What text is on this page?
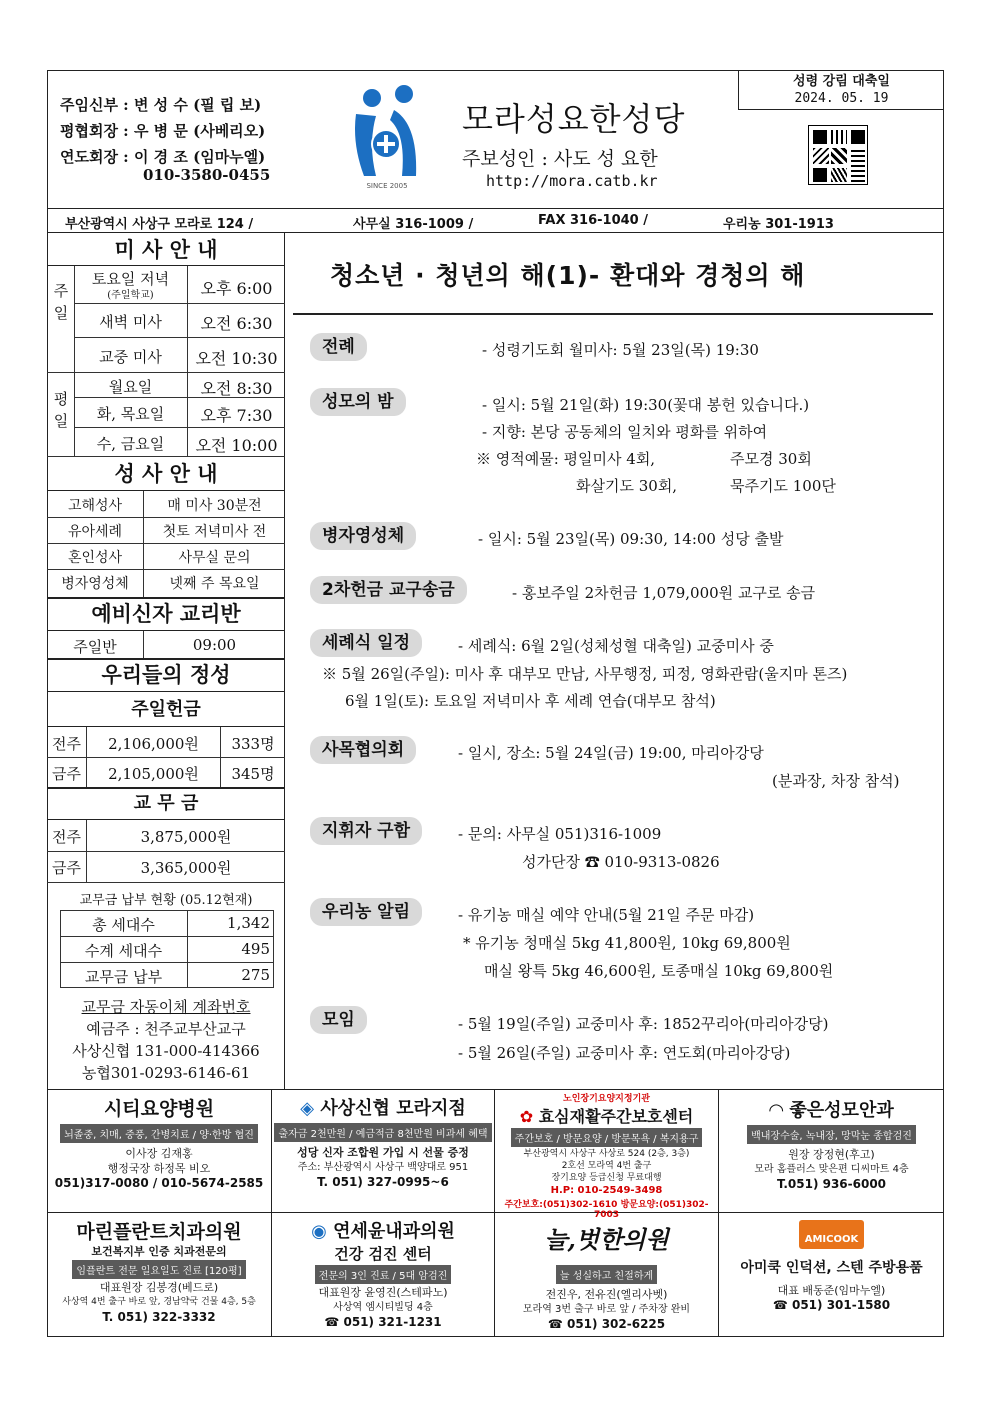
주임신부 : 변 성 수 (필 립 보)
평협회장 : 우 병 문 (사베리오)
연도회장 : 이 경 조 (임마누엘)
010-3580-0455
SINCE 2005
모라성요한성당
주보성인 : 사도 성 요한
http://mora.catb.kr
성령 강림 대축일
2024. 05. 19
부산광역시 사상구 모라로 124 /	사무실 316-1009 /	FAX 316-1040 /	우리농 301-1913
미 사 안 내
주일
토요일 저녁
(주일학교)	오후 6:00
새벽 미사	오전 6:30
교중 미사	오전 10:30
평일
월요일	오전 8:30
화, 목요일	오후 7:30
수, 금요일	오전 10:00
성 사 안 내
고해성사	매 미사 30분전
유아세례	첫토 저녁미사 전
혼인성사	사무실 문의
병자영성체	넷째 주 목요일
예비신자 교리반
주일반	09:00
우리들의 정성
주일헌금
전주	2,106,000원	333명
금주	2,105,000원	345명
교 무 금
전주	3,875,000원
금주	3,365,000원
교무금 납부 현황 (05.12현재)
총 세대수	1,342
수계 세대수	495
교무금 납부	275
교무금 자동이체 계좌번호
예금주 : 천주교부산교구
사상신협 131-000-414366
농협301-0293-6146-61
청소년 · 청년의 해(1)- 환대와 경청의 해
전례	- 성령기도회 월미사: 5월 23일(목) 19:30
성모의 밤	- 일시: 5월 21일(화) 19:30(꽃대 봉헌 있습니다.)
- 지향: 본당 공동체의 일치와 평화를 위하여
※ 영적예물: 평일미사 4회,	주모경 30회
화살기도 30회,	묵주기도 100단
병자영성체	- 일시: 5월 23일(목) 09:30, 14:00 성당 출발
2차헌금 교구송금	- 홍보주일 2차헌금 1,079,000원 교구로 송금
세례식 일정	- 세례식: 6월 2일(성체성혈 대축일) 교중미사 중
※ 5월 26일(주일): 미사 후 대부모 만남, 사무행정, 피정, 영화관람(울지마 톤즈)
6월 1일(토): 토요일 저녁미사 후 세례 연습(대부모 참석)
사목협의회	- 일시, 장소: 5월 24일(금) 19:00, 마리아강당
(분과장, 차장 참석)
지휘자 구함	- 문의: 사무실 051)316-1009
성가단장 ☎ 010-9313-0826
우리농 알림	- 유기농 매실 예약 안내(5월 21일 주문 마감)
* 유기농 청매실 5kg 41,800원, 10kg 69,800원
매실 왕특 5kg 46,600원, 토종매실 10kg 69,800원
모임	- 5월 19일(주일) 교중미사 후: 1852꾸리아(마리아강당)
- 5월 26일(주일) 교중미사 후: 연도회(마리아강당)
시티요양병원
뇌졸중, 치매, 중풍, 간병치료 / 양·한방 협진
이사장 김재홍
행정국장 하정목 비오
051)317-0080 / 010-5674-2585
◈ 사상신협 모라지점
출자금 2천만원 / 예금적금 8천만원 비과세 혜택
성당 신자 조합원 가입 시 선물 증정
주소: 부산광역시 사상구 백양대로 951
T. 051) 327-0995~6
노인장기요양지정기관
✿ 효심재활주간보호센터
주간보호 / 방문요양 / 방문목욕 / 복지용구
부산광역시 사상구 사상로 524 (2층, 3층)
2호선 모라역 4번 출구
장기요양 등급신청 무료대행
H.P: 010-2549-3498
주간보호:(051)302-1610 방문요양:(051)302-7003
◠ 좋은성모안과
백내장수술, 녹내장, 망막눈 종합검진
원장 장정현(후고)
모라 홈플러스 맞은편 디씨마트 4층
T.051) 936-6000
마린플란트치과의원
보건복지부 인증 치과전문의
임플란트 전문 일요일도 진료 [120평]
대표원장 김봉경(베드로)
사상역 4번 출구 바로 앞, 경남약국 건물 4층, 5층
T. 051) 322-3332
◉ 연세윤내과의원
건강 검진 센터
전문의 3인 진료 / 5대 암검진
대표원장 윤영진(스테파노)
사상역 엠시티빌딩 4층
☎ 051) 321-1231
늘,벗한의원
늘 성실하고 친절하게
전진우, 전유진(엘리사벳)
모라역 3번 출구 바로 앞 / 주차장 완비
☎ 051) 302-6225
AMICOOK
아미쿡 인덕션, 스텐 주방용품
대표 배동준(임마누엘)
☎ 051) 301-1580
